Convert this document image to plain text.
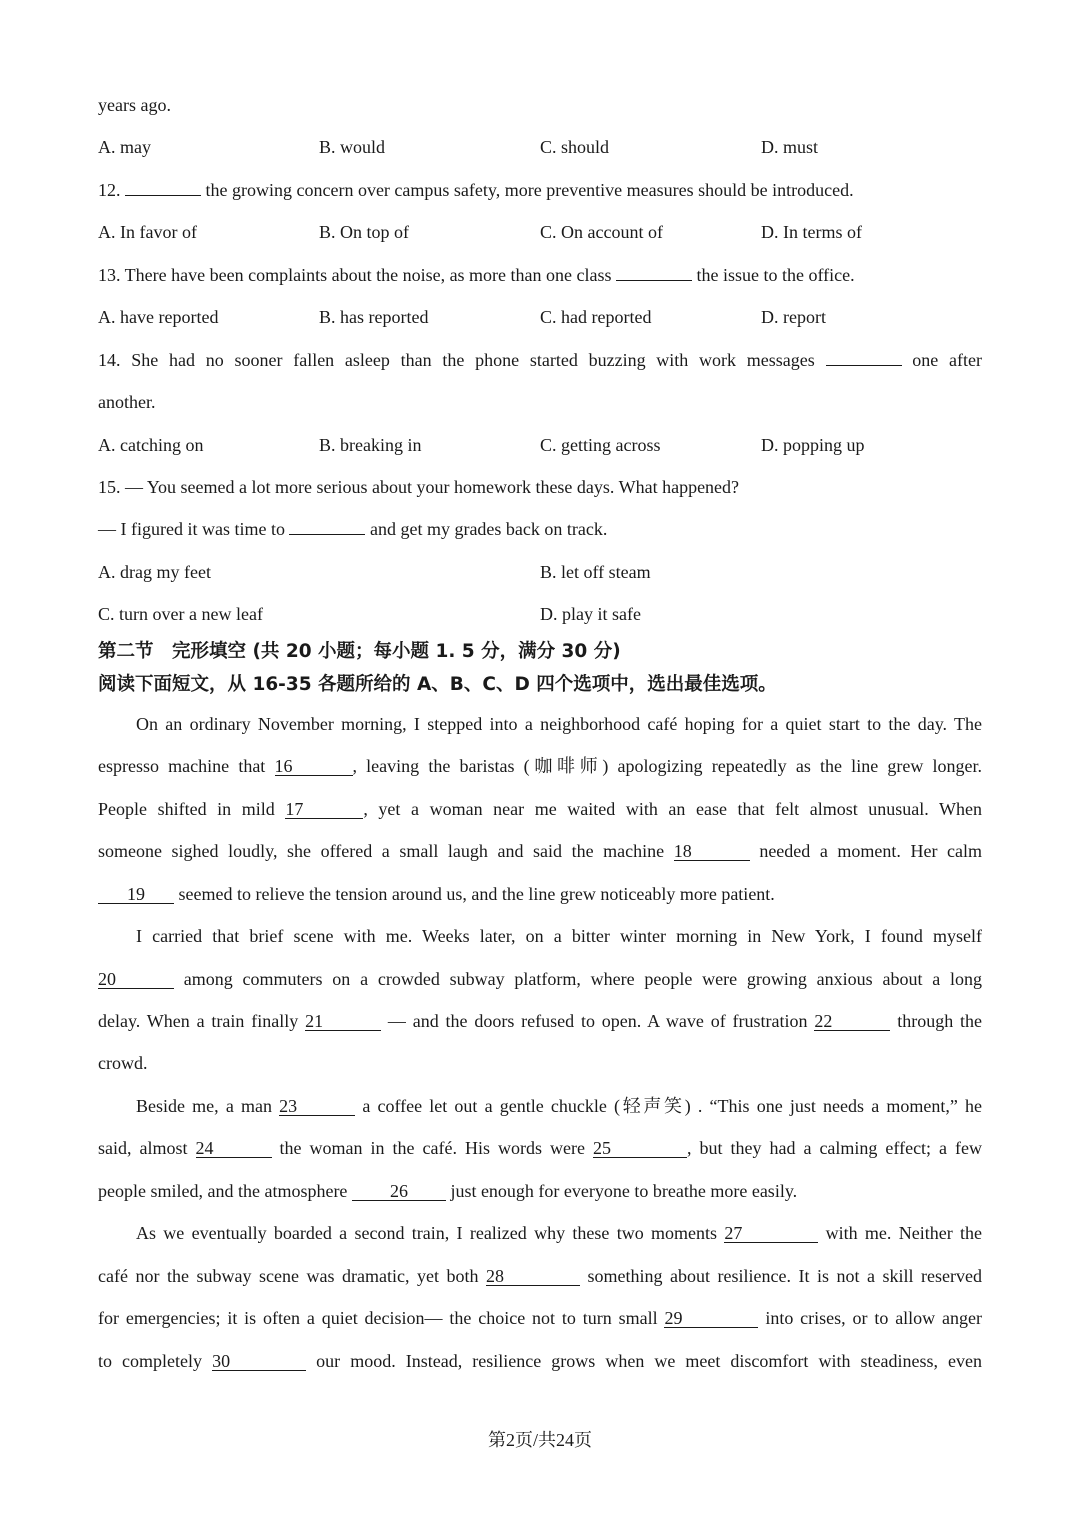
years ago.
A. may	B. would	C. should	D. must
12.	the growing concern over campus safety, more preventive measures should be introduced.
A. In favor of	B. On top of	C. On account of	D. In terms of
13. There have been complaints about the noise, as more than one class	the issue to the office.
A. have reported	B. has reported	C. had reported	D. report
14. She had no sooner fallen asleep than the phone started buzzing with work messages	one after
another.
A. catching on	B. breaking in	C. getting across	D. popping up
15. — You seemed a lot more serious about your homework these days. What happened?
— I figured it was time to	and get my grades back on track.
A. drag my feet	B. let off steam
C. turn over a new leaf	D. play it safe
第二节　完形填空 (共 20 小题；每小题 1. 5 分，满分 30 分)
阅读下面短文，从 16-35 各题所给的 A、B、C、D 四个选项中，选出最佳选项。
On an ordinary November morning, I stepped into a neighborhood café hoping for a quiet start to the day. The
espresso machine that 16	, leaving the baristas (咖啡师) apologizing repeatedly as the line grew longer.
People shifted in mild 17	, yet a woman near me waited with an ease that felt almost unusual. When
someone sighed loudly, she offered a small laugh and said the machine 18	needed a moment. Her calm
19 seemed to relieve the tension around us, and the line grew noticeably more patient.
I carried that brief scene with me. Weeks later, on a bitter winter morning in New York, I found myself
20	among commuters on a crowded subway platform, where people were growing anxious about a long
delay. When a train finally 21	— and the doors refused to open. A wave of frustration 22	through the
crowd.
Beside me, a man 23	a coffee let out a gentle chuckle (轻声笑) . “This one just needs a moment,” he
said, almost 24	the woman in the café. His words were 25	, but they had a calming effect; a few
people smiled, and the atmosphere 26 just enough for everyone to breathe more easily.
As we eventually boarded a second train, I realized why these two moments 27	with me. Neither the
café nor the subway scene was dramatic, yet both 28	something about resilience. It is not a skill reserved
for emergencies; it is often a quiet decision— the choice not to turn small 29	into crises, or to allow anger
to completely 30	our mood. Instead, resilience grows when we meet discomfort with steadiness, even
第2页/共24页
